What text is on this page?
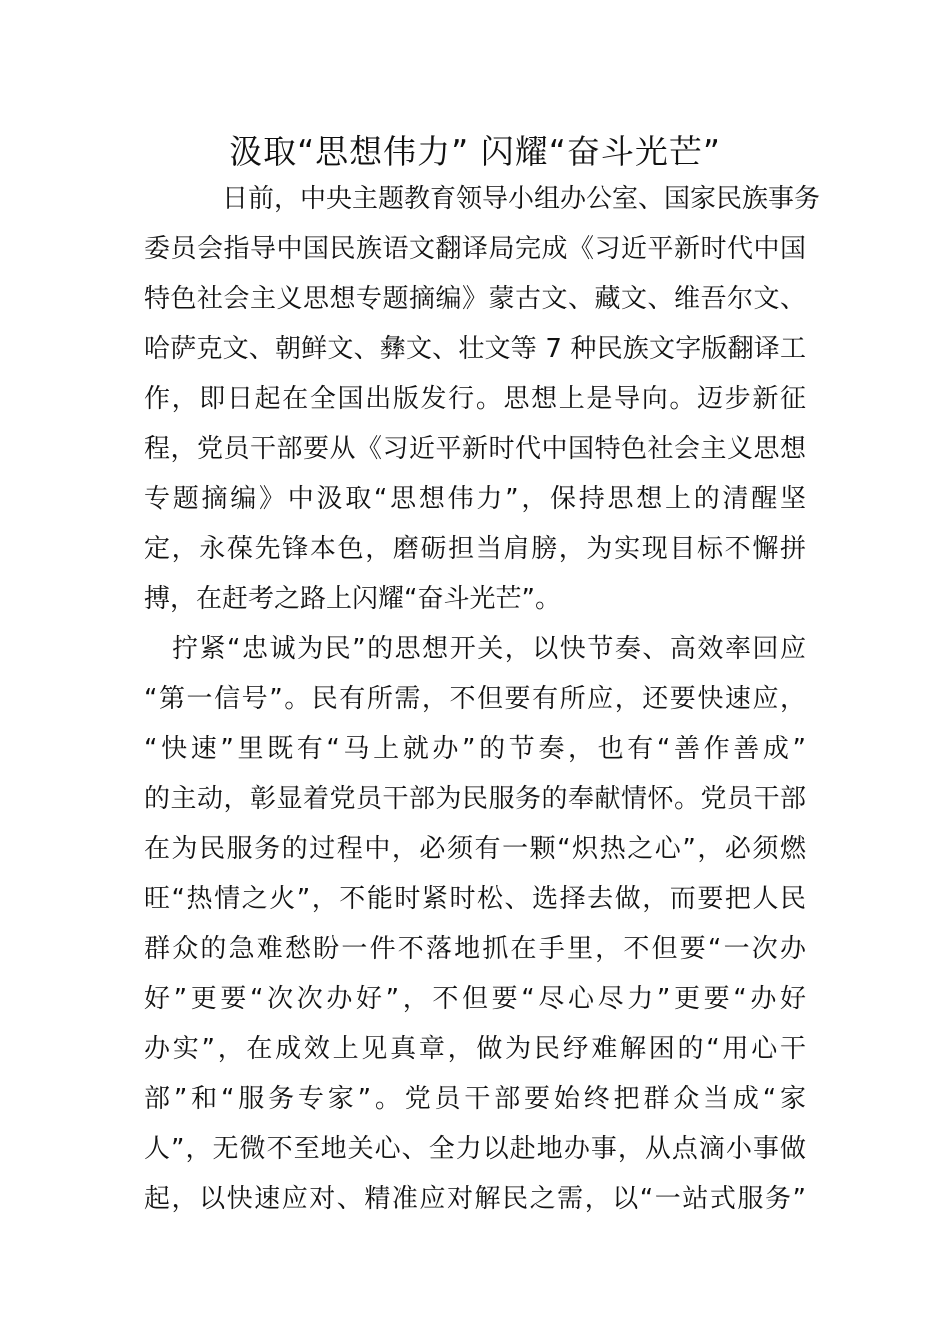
汲取“思想伟力” 闪耀“奋斗光芒”
日前，中央主题教育领导小组办公室、国家民族事务
委员会指导中国民族语文翻译局完成《习近平新时代中国
特色社会主义思想专题摘编》蒙古文、藏文、维吾尔文、
哈萨克文、朝鲜文、彝文、壮文等 7 种民族文字版翻译工
作，即日起在全国出版发行。思想上是导向。迈步新征
程，党员干部要从《习近平新时代中国特色社会主义思想
专题摘编》中汲取“思想伟力”，保持思想上的清醒坚
定，永葆先锋本色，磨砺担当肩膀，为实现目标不懈拼
搏，在赶考之路上闪耀“奋斗光芒”。
拧紧“忠诚为民”的思想开关，以快节奏、高效率回应
“第一信号”。民有所需，不但要有所应，还要快速应，
“快速”里既有“马上就办”的节奏，也有“善作善成”
的主动，彰显着党员干部为民服务的奉献情怀。党员干部
在为民服务的过程中，必须有一颗“炽热之心”，必须燃
旺“热情之火”，不能时紧时松、选择去做，而要把人民
群众的急难愁盼一件不落地抓在手里，不但要“一次办
好”更要“次次办好”，不但要“尽心尽力”更要“办好
办实”，在成效上见真章，做为民纾难解困的“用心干
部”和“服务专家”。党员干部要始终把群众当成“家
人”，无微不至地关心、全力以赴地办事，从点滴小事做
起，以快速应对、精准应对解民之需，以“一站式服务”
